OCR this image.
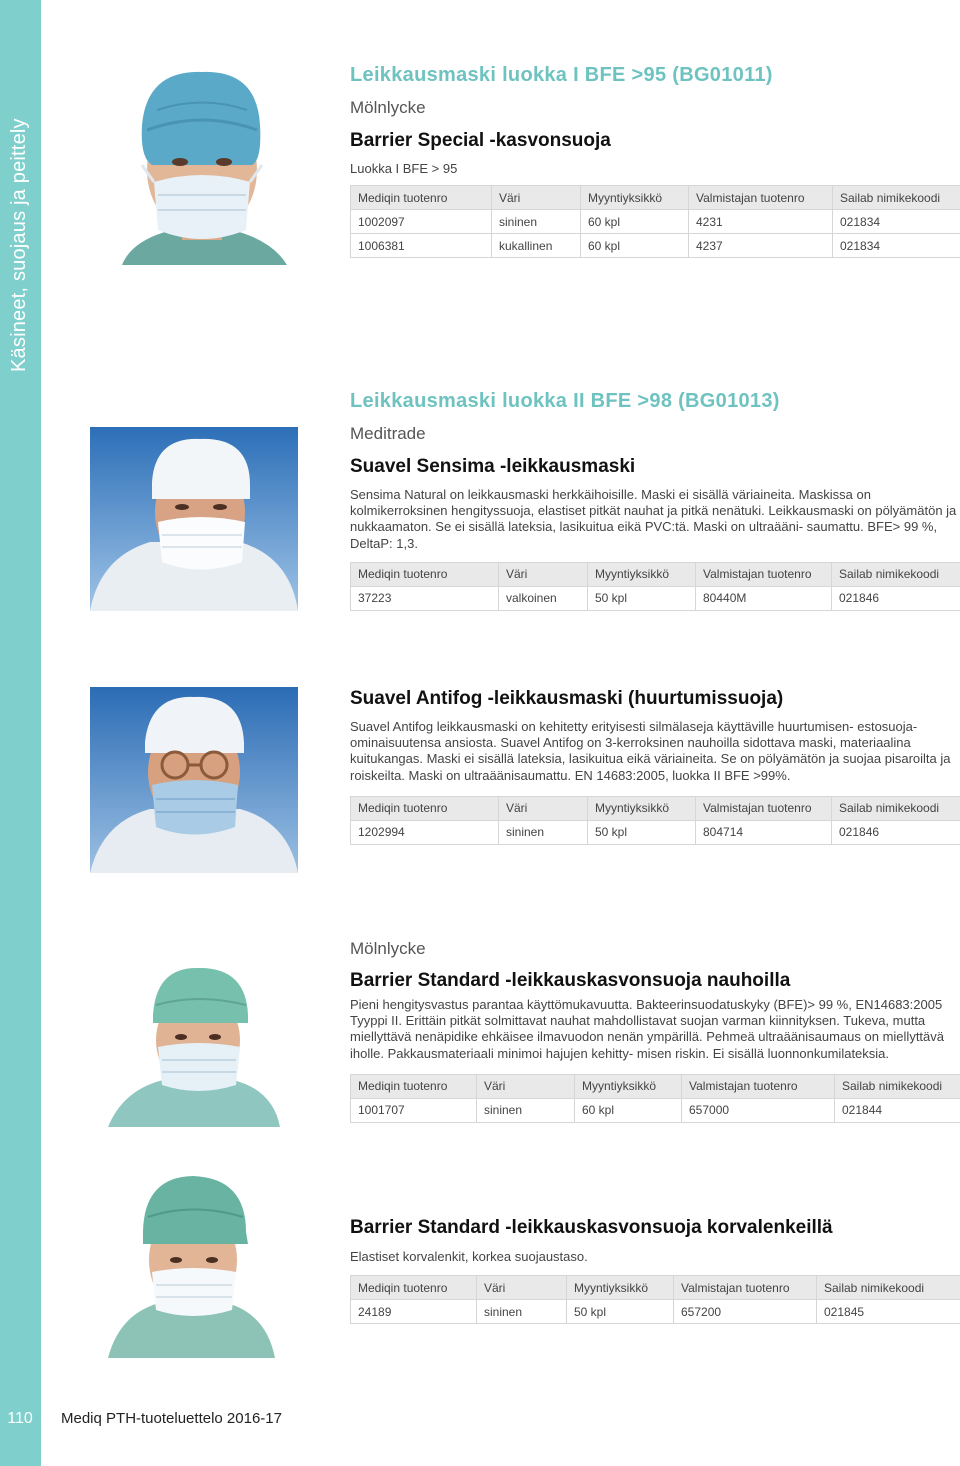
Käsineet, suojaus ja peittely
110	Mediq PTH-tuoteluettelo 2016-17
Leikkausmaski luokka I BFE >95 (BG01011)
Mölnlycke
Barrier Special -kasvonsuoja
Luokka I BFE > 95
Mediqin tuotenro	Väri	Myyntiyksikkö	Valmistajan tuotenro	Sailab nimikekoodi
1002097	sininen	60 kpl	4231	021834
1006381	kukallinen	60 kpl	4237	021834
Leikkausmaski luokka II BFE >98 (BG01013)
Meditrade
Suavel Sensima -leikkausmaski
Sensima Natural on leikkausmaski herkkäihoisille. Maski ei sisällä väriaineita. Maskissa on kolmikerroksinen hengityssuoja, elastiset pitkät nauhat ja pitkä nenätuki. Leikkausmaski on pölyämätön ja nukkaamaton. Se ei sisällä lateksia, lasikuitua eikä PVC:tä. Maski on ultraääni- saumattu. BFE> 99 %, DeltaP: 1,3.
Mediqin tuotenro	Väri	Myyntiyksikkö	Valmistajan tuotenro	Sailab nimikekoodi
37223	valkoinen	50 kpl	80440M	021846
Suavel Antifog -leikkausmaski (huurtumissuoja)
Suavel Antifog leikkausmaski on kehitetty erityisesti silmälaseja käyttäville huurtumisen- estosuoja-ominaisuutensa ansiosta. Suavel Antifog on 3-kerroksinen nauhoilla sidottava maski, materiaalina kuitukangas. Maski ei sisällä lateksia, lasikuitua eikä väriaineita. Se on pölyämätön ja suojaa pisaroilta ja roiskeilta. Maski on ultraäänisaumattu. EN 14683:2005, luokka II BFE >99%.
Mediqin tuotenro	Väri	Myyntiyksikkö	Valmistajan tuotenro	Sailab nimikekoodi
1202994	sininen	50 kpl	804714	021846
Mölnlycke
Barrier Standard -leikkauskasvonsuoja nauhoilla
Pieni hengitysvastus parantaa käyttömukavuutta. Bakteerinsuodatuskyky (BFE)> 99 %, EN14683:2005 Tyyppi II. Erittäin pitkät solmittavat nauhat mahdollistavat suojan varman kiinnityksen. Tukeva, mutta miellyttävä nenäpidike ehkäisee ilmavuodon nenän ympärillä. Pehmeä ultraäänisaumaus on miellyttävä iholle. Pakkausmateriaali minimoi hajujen kehitty- misen riskin. Ei sisällä luonnonkumilateksia.
Mediqin tuotenro	Väri	Myyntiyksikkö	Valmistajan tuotenro	Sailab nimikekoodi
1001707	sininen	60 kpl	657000	021844
Barrier Standard -leikkauskasvonsuoja korvalenkeillä
Elastiset korvalenkit, korkea suojaustaso.
Mediqin tuotenro	Väri	Myyntiyksikkö	Valmistajan tuotenro	Sailab nimikekoodi
24189	sininen	50 kpl	657200	021845
